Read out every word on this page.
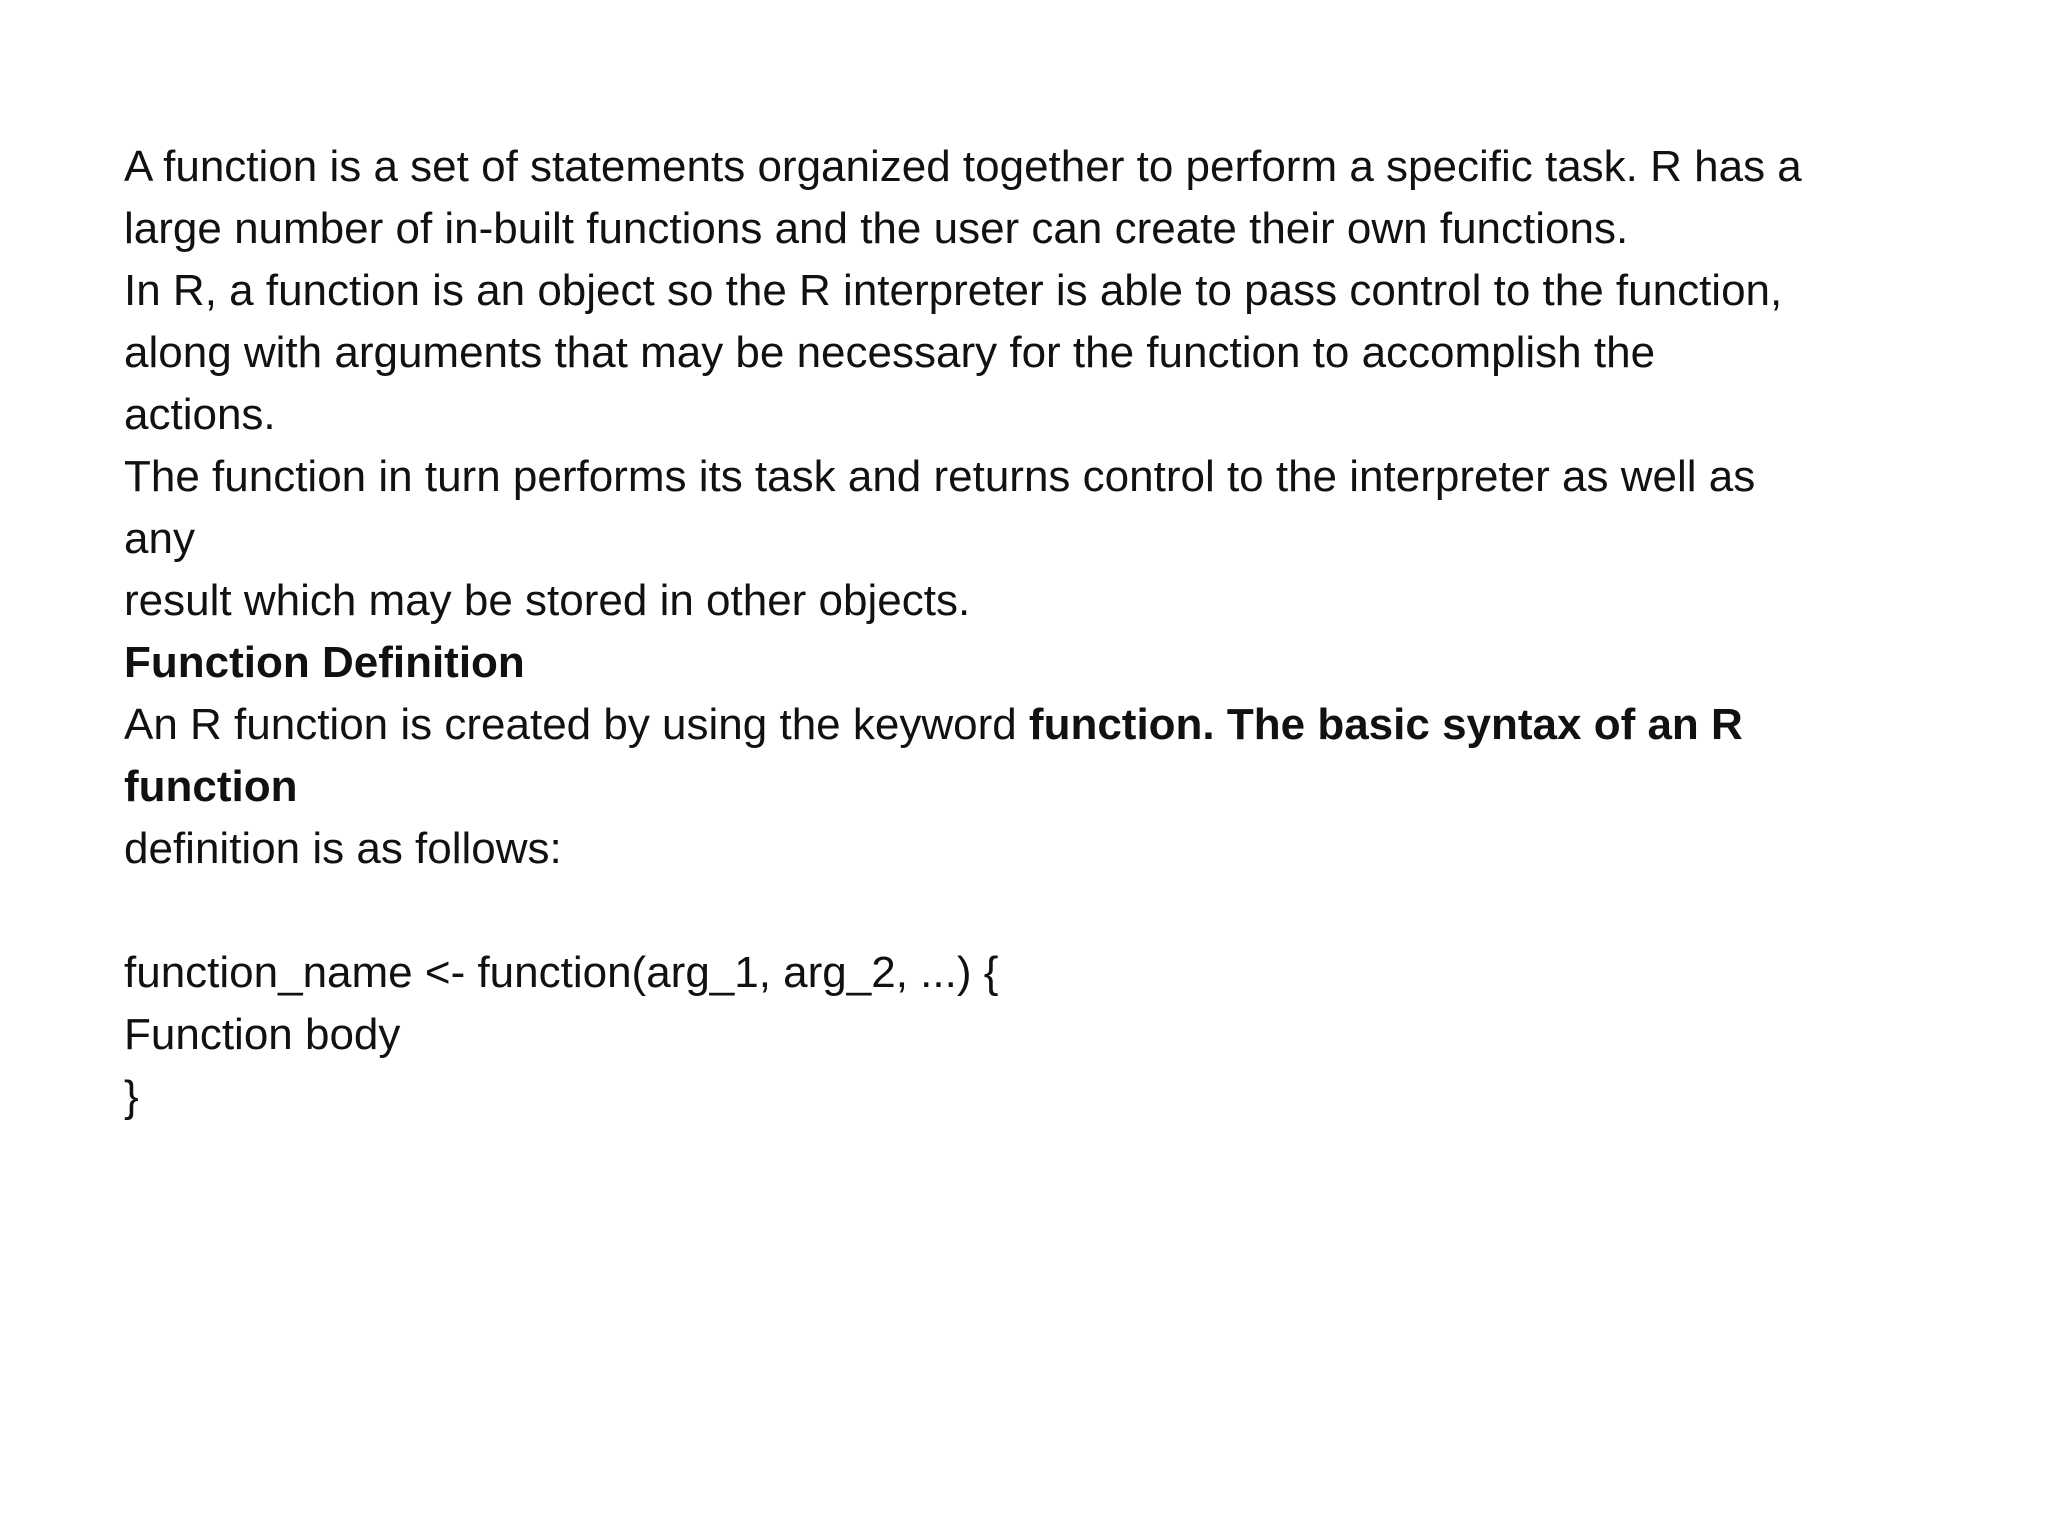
A function is a set of statements organized together to perform a specific task. R has a
large number of in-built functions and the user can create their own functions.
In R, a function is an object so the R interpreter is able to pass control to the function,
along with arguments that may be necessary for the function to accomplish the
actions.
The function in turn performs its task and returns control to the interpreter as well as
any
result which may be stored in other objects.
Function Definition
An R function is created by using the keyword function. The basic syntax of an R
function
definition is as follows:
function_name <- function(arg_1, arg_2, ...) {
Function body
}
